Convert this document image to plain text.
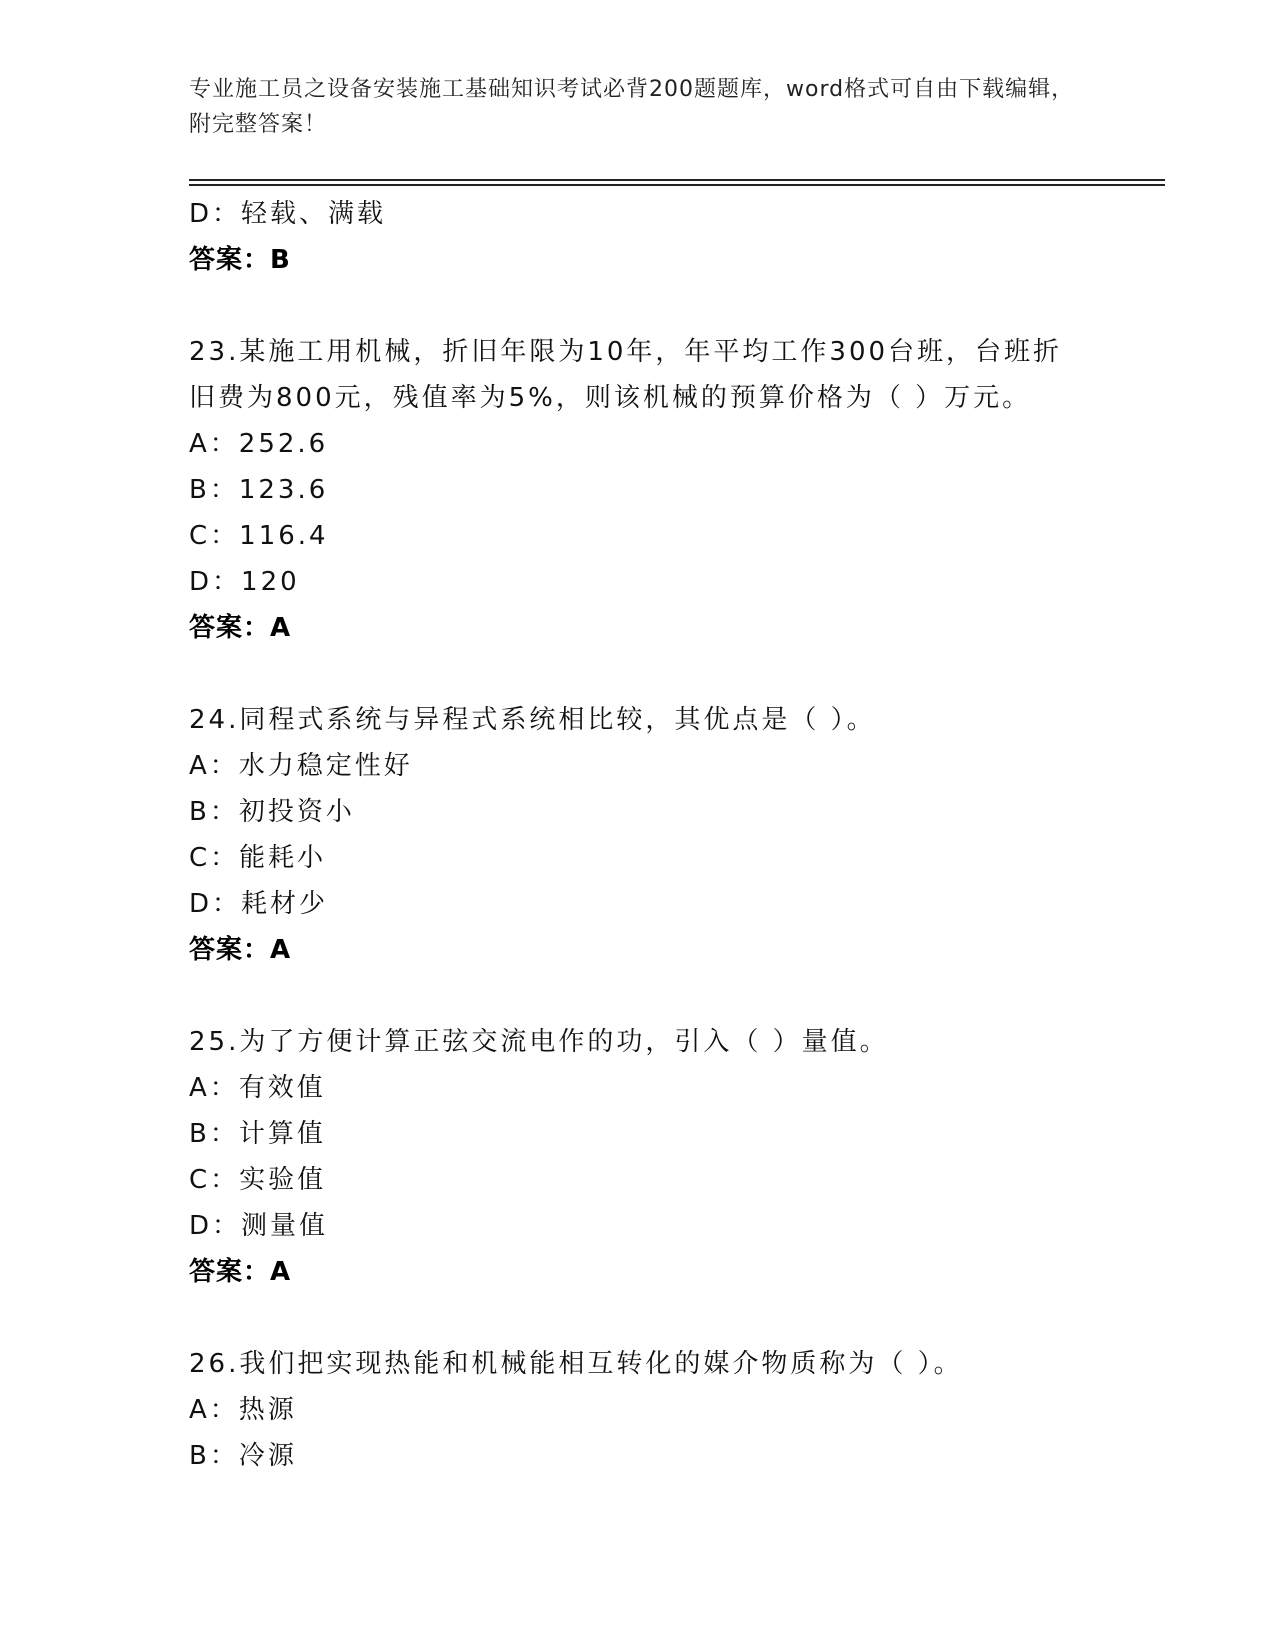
专业施工员之设备安装施工基础知识考试必背200题题库，word格式可自由下载编辑，附完整答案！
D：轻载、满载
答案：B
23.某施工用机械，折旧年限为10年，年平均工作300台班，台班折旧费为800元，残值率为5%，则该机械的预算价格为（ ）万元。
A：252.6
B：123.6
C：116.4
D：120
答案：A
24.同程式系统与异程式系统相比较，其优点是（ ）。
A：水力稳定性好
B：初投资小
C：能耗小
D：耗材少
答案：A
25.为了方便计算正弦交流电作的功，引入（ ）量值。
A：有效值
B：计算值
C：实验值
D：测量值
答案：A
26.我们把实现热能和机械能相互转化的媒介物质称为（ ）。
A：热源
B：冷源
